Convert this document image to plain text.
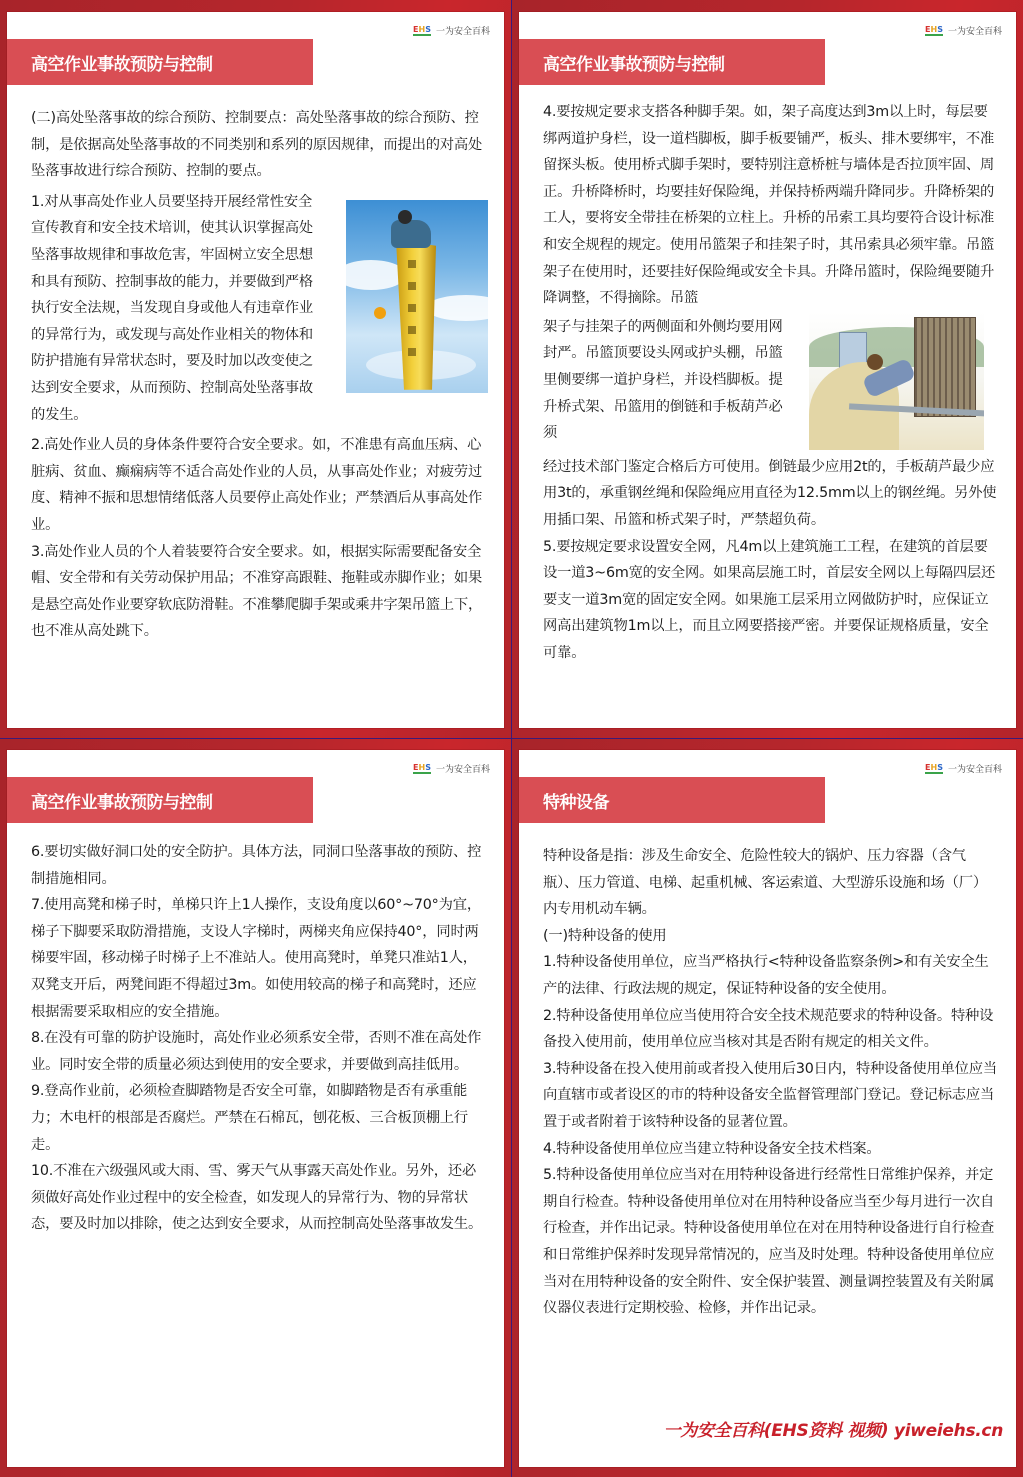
E H S 一为安全百科
高空作业事故预防与控制

(二)高处坠落事故的综合预防、控制要点：高处坠落事故的综合预防、控制，是依据高处坠落事故的不同类别和系列的原因规律，而提出的对高处坠落事故进行综合预防、控制的要点。

1.对从事高处作业人员要坚持开展经常性安全宣传教育和安全技术培训，使其认识掌握高处坠落事故规律和事故危害，牢固树立安全思想和具有预防、控制事故的能力，并要做到严格执行安全法规，当发现自身或他人有违章作业的异常行为，或发现与高处作业相关的物体和防护措施有异常状态时，要及时加以改变使之达到安全要求，从而预防、控制高处坠落事故的发生。

2.高处作业人员的身体条件要符合安全要求。如，不准患有高血压病、心脏病、贫血、癫痫病等不适合高处作业的人员，从事高处作业；对疲劳过度、精神不振和思想情绪低落人员要停止高处作业；严禁酒后从事高处作业。

3.高处作业人员的个人着装要符合安全要求。如，根据实际需要配备安全帽、安全带和有关劳动保护用品；不准穿高跟鞋、拖鞋或赤脚作业；如果是悬空高处作业要穿软底防滑鞋。不准攀爬脚手架或乘井字架吊篮上下，也不准从高处跳下。

E H S 一为安全百科
高空作业事故预防与控制

4.要按规定要求支搭各种脚手架。如，架子高度达到3m以上时，每层要绑两道护身栏，设一道档脚板，脚手板要铺严，板头、排木要绑牢，不准留探头板。使用桥式脚手架时，要特别注意桥桩与墙体是否拉顶牢固、周正。升桥降桥时，均要挂好保险绳，并保持桥两端升降同步。升降桥架的工人，要将安全带挂在桥架的立柱上。升桥的吊索工具均要符合设计标准和安全规程的规定。使用吊篮架子和挂架子时，其吊索具必须牢靠。吊篮架子在使用时，还要挂好保险绳或安全卡具。升降吊篮时，保险绳要随升降调整，不得摘除。吊篮

架子与挂架子的两侧面和外侧均要用网封严。吊篮顶要设头网或护头棚，吊篮里侧要绑一道护身栏，并设档脚板。提升桥式架、吊篮用的倒链和手板葫芦必须

经过技术部门鉴定合格后方可使用。倒链最少应用2t的，手板葫芦最少应用3t的，承重钢丝绳和保险绳应用直径为12.5mm以上的钢丝绳。另外使用插口架、吊篮和桥式架子时，严禁超负荷。

5.要按规定要求设置安全网，凡4m以上建筑施工工程，在建筑的首层要设一道3~6m宽的安全网。如果高层施工时，首层安全网以上每隔四层还要支一道3m宽的固定安全网。如果施工层采用立网做防护时，应保证立网高出建筑物1m以上，而且立网要搭接严密。并要保证规格质量，安全可靠。

E H S 一为安全百科
高空作业事故预防与控制

6.要切实做好洞口处的安全防护。具体方法，同洞口坠落事故的预防、控制措施相同。

7.使用高凳和梯子时，单梯只许上1人操作，支设角度以60°~70°为宜，梯子下脚要采取防滑措施，支设人字梯时，两梯夹角应保持40°，同时两梯要牢固，移动梯子时梯子上不准站人。使用高凳时，单凳只准站1人，双凳支开后，两凳间距不得超过3m。如使用较高的梯子和高凳时，还应根据需要采取相应的安全措施。

8.在没有可靠的防护设施时，高处作业必须系安全带，否则不准在高处作业。同时安全带的质量必须达到使用的安全要求，并要做到高挂低用。

9.登高作业前，必须检查脚踏物是否安全可靠，如脚踏物是否有承重能力；木电杆的根部是否腐烂。严禁在石棉瓦，刨花板、三合板顶棚上行走。

10.不准在六级强风或大雨、雪、雾天气从事露天高处作业。另外，还必须做好高处作业过程中的安全检查，如发现人的异常行为、物的异常状态，要及时加以排除，使之达到安全要求，从而控制高处坠落事故发生。

E H S 一为安全百科
特种设备

特种设备是指：涉及生命安全、危险性较大的锅炉、压力容器（含气瓶）、压力管道、电梯、起重机械、客运索道、大型游乐设施和场（厂）内专用机动车辆。

(一)特种设备的使用

1.特种设备使用单位，应当严格执行<特种设备监察条例>和有关安全生产的法律、行政法规的规定，保证特种设备的安全使用。

2.特种设备使用单位应当使用符合安全技术规范要求的特种设备。特种设备投入使用前，使用单位应当核对其是否附有规定的相关文件。

3.特种设备在投入使用前或者投入使用后30日内，特种设备使用单位应当向直辖市或者设区的市的特种设备安全监督管理部门登记。登记标志应当置于或者附着于该特种设备的显著位置。

4.特种设备使用单位应当建立特种设备安全技术档案。

5.特种设备使用单位应当对在用特种设备进行经常性日常维护保养，并定期自行检查。特种设备使用单位对在用特种设备应当至少每月进行一次自行检查，并作出记录。特种设备使用单位在对在用特种设备进行自行检查和日常维护保养时发现异常情况的，应当及时处理。特种设备使用单位应当对在用特种设备的安全附件、安全保护装置、测量调控装置及有关附属仪器仪表进行定期校验、检修，并作出记录。

一为安全百科(EHS资料 视频) yiweiehs.cn
